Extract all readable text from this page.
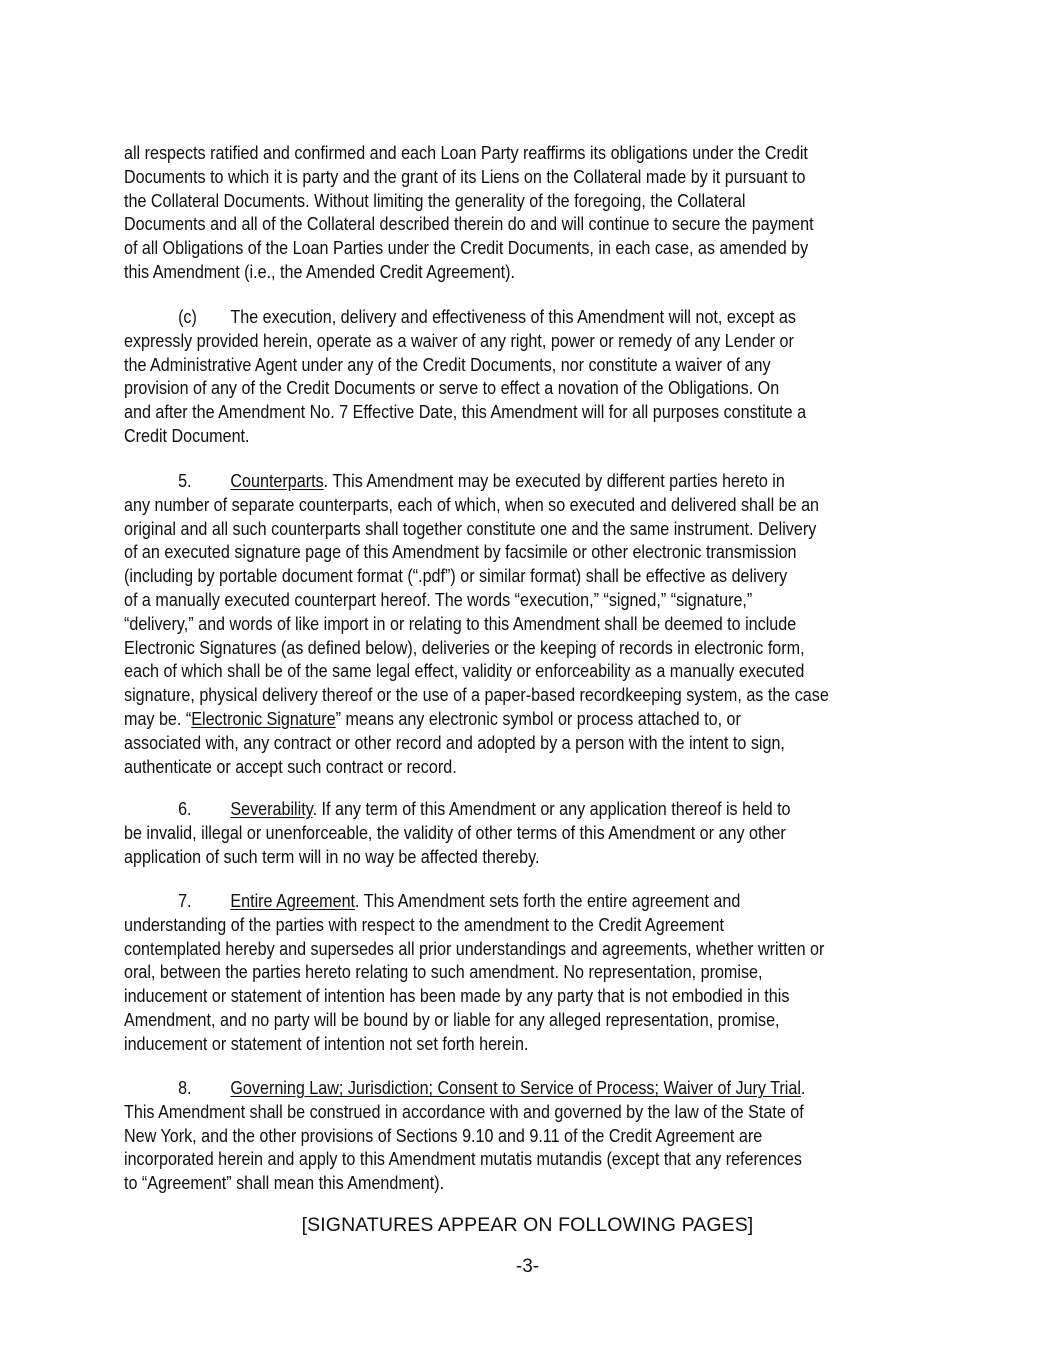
all respects ratified and confirmed and each Loan Party reaffirms its obligations under the Credit
Documents to which it is party and the grant of its Liens on the Collateral made by it pursuant to
the Collateral Documents. Without limiting the generality of the foregoing, the Collateral
Documents and all of the Collateral described therein do and will continue to secure the payment
of all Obligations of the Loan Parties under the Credit Documents, in each case, as amended by
this Amendment (i.e., the Amended Credit Agreement).
(c) The execution, delivery and effectiveness of this Amendment will not, except as
expressly provided herein, operate as a waiver of any right, power or remedy of any Lender or
the Administrative Agent under any of the Credit Documents, nor constitute a waiver of any
provision of any of the Credit Documents or serve to effect a novation of the Obligations. On
and after the Amendment No. 7 Effective Date, this Amendment will for all purposes constitute a
Credit Document.
5. Counterparts. This Amendment may be executed by different parties hereto in
any number of separate counterparts, each of which, when so executed and delivered shall be an
original and all such counterparts shall together constitute one and the same instrument. Delivery
of an executed signature page of this Amendment by facsimile or other electronic transmission
(including by portable document format (“.pdf”) or similar format) shall be effective as delivery
of a manually executed counterpart hereof. The words “execution,” “signed,” “signature,”
“delivery,” and words of like import in or relating to this Amendment shall be deemed to include
Electronic Signatures (as defined below), deliveries or the keeping of records in electronic form,
each of which shall be of the same legal effect, validity or enforceability as a manually executed
signature, physical delivery thereof or the use of a paper-based recordkeeping system, as the case
may be. “Electronic Signature” means any electronic symbol or process attached to, or
associated with, any contract or other record and adopted by a person with the intent to sign,
authenticate or accept such contract or record.
6. Severability. If any term of this Amendment or any application thereof is held to
be invalid, illegal or unenforceable, the validity of other terms of this Amendment or any other
application of such term will in no way be affected thereby.
7. Entire Agreement. This Amendment sets forth the entire agreement and
understanding of the parties with respect to the amendment to the Credit Agreement
contemplated hereby and supersedes all prior understandings and agreements, whether written or
oral, between the parties hereto relating to such amendment. No representation, promise,
inducement or statement of intention has been made by any party that is not embodied in this
Amendment, and no party will be bound by or liable for any alleged representation, promise,
inducement or statement of intention not set forth herein.
8. Governing Law; Jurisdiction; Consent to Service of Process; Waiver of Jury Trial.
This Amendment shall be construed in accordance with and governed by the law of the State of
New York, and the other provisions of Sections 9.10 and 9.11 of the Credit Agreement are
incorporated herein and apply to this Amendment mutatis mutandis (except that any references
to “Agreement” shall mean this Amendment).
[SIGNATURES APPEAR ON FOLLOWING PAGES]
-3-
